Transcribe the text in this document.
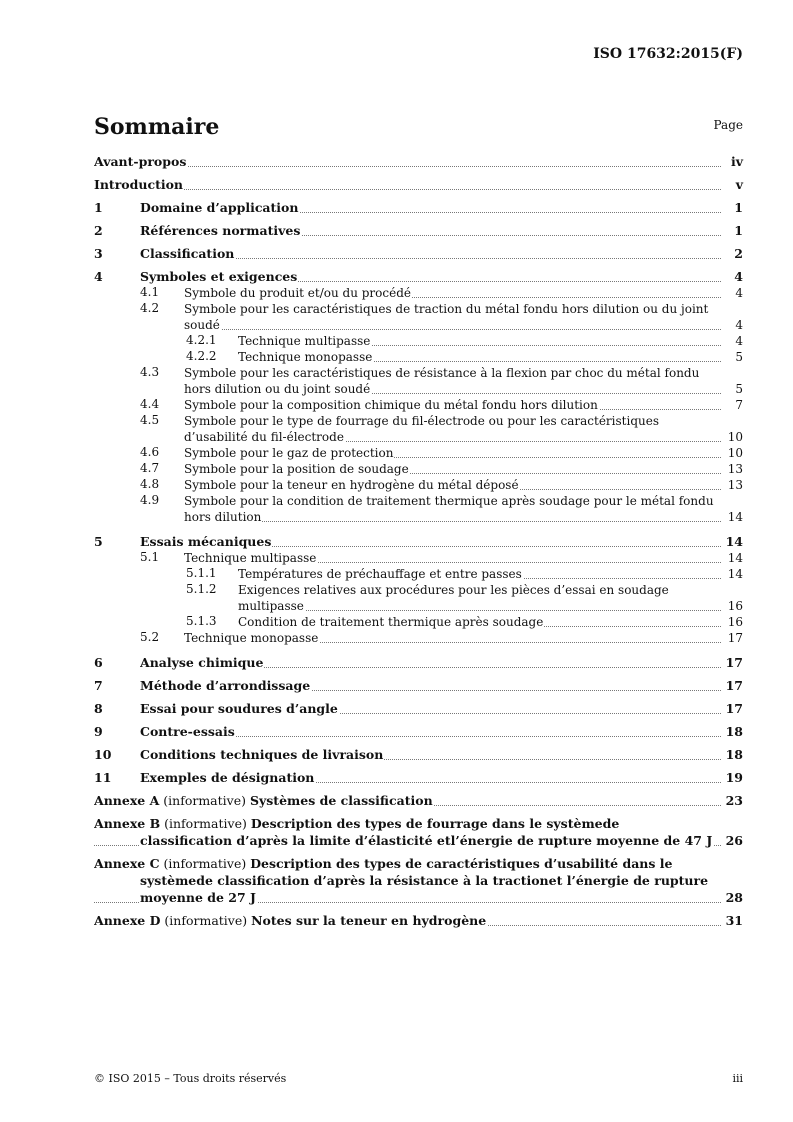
ISO 17632:2015(F)
Sommaire	Page
Avant-propos	iv
Introduction	v
1	Domaine d’application	1
2	Références normatives	1
3	Classification	2
4	Symboles et exigences	4
4.1	Symbole du produit et/ou du procédé	4
4.2	Symbole pour les caractéristiques de traction du métal fondu hors dilution ou du joint soudé	4
4.2.1	Technique multipasse	4
4.2.2	Technique monopasse	5
4.3	Symbole pour les caractéristiques de résistance à la flexion par choc du métal fondu hors dilution ou du joint soudé	5
4.4	Symbole pour la composition chimique du métal fondu hors dilution	7
4.5	Symbole pour le type de fourrage du fil-électrode ou pour les caractéristiques d’usabilité du fil-électrode	10
4.6	Symbole pour le gaz de protection	10
4.7	Symbole pour la position de soudage	13
4.8	Symbole pour la teneur en hydrogène du métal déposé	13
4.9	Symbole pour la condition de traitement thermique après soudage pour le métal fondu hors dilution	14
5	Essais mécaniques	14
5.1	Technique multipasse	14
5.1.1	Températures de préchauffage et entre passes	14
5.1.2	Exigences relatives aux procédures pour les pièces d’essai en soudage multipasse	16
5.1.3	Condition de traitement thermique après soudage	16
5.2	Technique monopasse	17
6	Analyse chimique	17
7	Méthode d’arrondissage	17
8	Essai pour soudures d’angle	17
9	Contre-essais	18
10	Conditions techniques de livraison	18
11	Exemples de désignation	19
Annexe A (informative) Systèmes de classification	23
Annexe B (informative) Description des types de fourrage dans le systèmede classification d’après la limite d’élasticité etl’énergie de rupture moyenne de 47 J	26
Annexe C (informative) Description des types de caractéristiques d’usabilité dans le systèmede classification d’après la résistance à la tractionet l’énergie de rupture moyenne de 27 J	28
Annexe D (informative) Notes sur la teneur en hydrogène	31
© ISO 2015 – Tous droits réservés	iii
